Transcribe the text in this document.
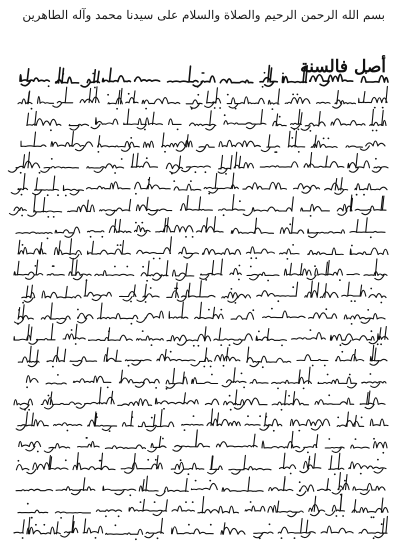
بسم الله الرحمن الرحيم والصلاة والسلام على سيدنا محمد وآله الطاهرين
أصل فالسنة
